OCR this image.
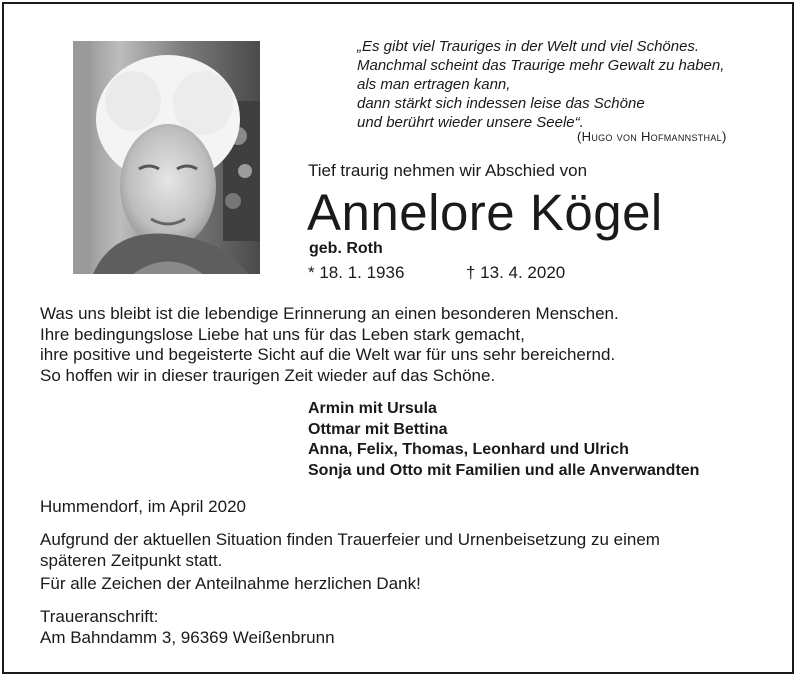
„Es gibt viel Trauriges in der Welt und viel Schönes.
Manchmal scheint das Traurige mehr Gewalt zu haben,
als man ertragen kann,
dann stärkt sich indessen leise das Schöne
und berührt wieder unsere Seele“.
(Hugo von Hofmannsthal)
Tief traurig nehmen wir Abschied von
Annelore Kögel
geb. Roth
* 18. 1. 1936	† 13. 4. 2020
Was uns bleibt ist die lebendige Erinnerung an einen besonderen Menschen.
Ihre bedingungslose Liebe hat uns für das Leben stark gemacht,
ihre positive und begeisterte Sicht auf die Welt war für uns sehr bereichernd.
So hoffen wir in dieser traurigen Zeit wieder auf das Schöne.
Armin mit Ursula
Ottmar mit Bettina
Anna, Felix, Thomas, Leonhard und Ulrich
Sonja und Otto mit Familien und alle Anverwandten
Hummendorf, im April 2020
Aufgrund der aktuellen Situation finden Trauerfeier und Urnenbeisetzung zu einem
späteren Zeitpunkt statt.
Für alle Zeichen der Anteilnahme herzlichen Dank!
Traueranschrift:
Am Bahndamm 3, 96369 Weißenbrunn
